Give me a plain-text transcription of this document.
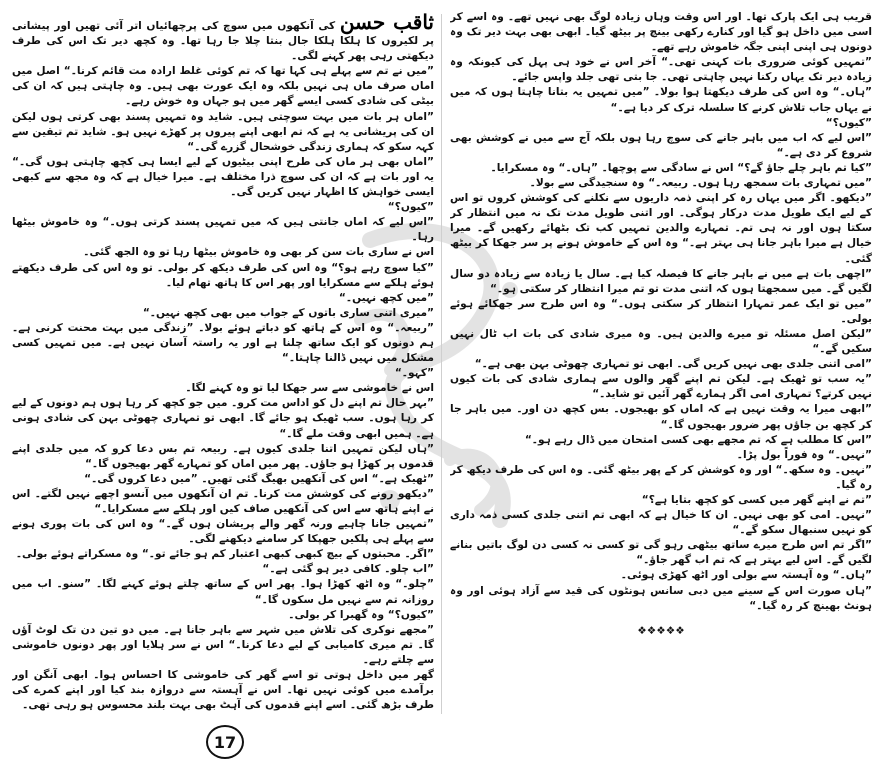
قریب ہی ایک پارک تھا۔ اور اس وقت وہاں زیادہ لوگ بھی نہیں تھے۔ وہ اسے کر اسی میں داخل ہو گیا اور کنارے رکھی بینچ پر بیٹھ گیا۔ ابھی بھی بہت دیر تک وہ دونوں ہی اپنی اپنی جگہ خاموش رہے تھے۔

”تمہیں کوئی ضروری بات کہنی تھی۔“ آخر اس نے خود ہی پہل کی کیونکہ وہ زیادہ دیر تک یہاں رکنا نہیں چاہتی تھی۔ جا بتی تھی جلد واپس جائے۔

”ہاں۔“ وہ اس کی طرف دیکھتا ہوا بولا۔ ”میں تمہیں یہ بتانا چاہتا ہوں کہ میں نے یہاں جاب تلاش کرنے کا سلسلہ ترک کر دیا ہے۔“

”کیوں؟“

”اس لیے کہ اب میں باہر جانے کی سوچ رہا ہوں بلکہ آج سے میں نے کوشش بھی شروع کر دی ہے۔“

”کیا تم باہر چلے جاؤ گے؟“ اس نے سادگی سے پوچھا۔ ”ہاں۔“ وہ مسکرایا۔

”میں تمہاری بات سمجھ رہا ہوں۔ ربیعہ۔“ وہ سنجیدگی سے بولا۔

”دیکھو۔ اگر میں یہاں رہ کر اپنی ذمہ داریوں سے نکلنے کی کوشش کروں تو اس کے لیے ایک طویل مدت درکار ہوگی۔ اور اتنی طویل مدت تک نہ میں انتظار کر سکتا ہوں اور نہ ہی تم۔ تمہارے والدین تمہیں کب تک بٹھائے رکھیں گے۔ میرا خیال ہے میرا باہر جانا ہی بہتر ہے۔“ وہ اس کے خاموش ہونے پر سر جھکا کر بیٹھ گئی۔

”اچھی بات ہے میں نے باہر جانے کا فیصلہ کیا ہے۔ سال یا زیادہ سے زیادہ دو سال لگیں گے۔ میں سمجھتا ہوں کہ اتنی مدت تو تم میرا انتظار کر سکتی ہو۔“

”میں تو ایک عمر تمہارا انتظار کر سکتی ہوں۔“ وہ اس طرح سر جھکائے ہوئے بولی۔

”لیکن اصل مسئلہ تو میرے والدین ہیں۔ وہ میری شادی کی بات اب ٹال نہیں سکیں گے۔“

”امی اتنی جلدی بھی نہیں کریں گی۔ ابھی تو تمہاری چھوٹی بہن بھی ہے۔“

”یہ سب تو ٹھیک ہے۔ لیکن تم اپنے گھر والوں سے ہماری شادی کی بات کیوں نہیں کرتے؟ تمہاری امی اگر ہمارے گھر آئیں تو شاید۔“

”ابھی میرا یہ وقت نہیں ہے کہ اماں کو بھیجوں۔ بس کچھ دن اور۔ میں باہر جا کر کچھ بن جاؤں پھر ضرور بھیجوں گا۔“

”اس کا مطلب ہے کہ تم مجھے بھی کسی امتحان میں ڈال رہے ہو۔“

”نہیں۔“ وہ فوراً بول پڑا۔

”نہیں۔ وہ سکھ۔“ اور وہ کوشش کر کے پھر بیٹھ گئی۔ وہ اس کی طرف دیکھ کر رہ گیا۔

”تم نے اپنے گھر میں کسی کو کچھ بتایا ہے؟“

”نہیں۔ امی کو بھی نہیں۔ ان کا خیال ہے کہ ابھی تم اتنی جلدی کسی ذمہ داری کو نہیں سنبھال سکو گے۔“

”اگر تم اس طرح میرے ساتھ بیٹھی رہو گی تو کسی نہ کسی دن لوگ باتیں بنانے لگیں گے۔ اس لیے بہتر ہے کہ تم اب گھر جاؤ۔“

”ہاں۔“ وہ آہستہ سے بولی اور اٹھ کھڑی ہوئی۔

”ہاں صورت اس کے سینے میں دبی سانس ہونٹوں کی قید سے آزاد ہوئی اور وہ ہونٹ بھینچ کر رہ گیا۔“

❖❖❖❖❖

ثاقب حسن کی آنکھوں میں سوچ کی پرچھائیاں اتر آئی تھیں اور پیشانی پر لکیروں کا ہلکا ہلکا جال بنتا چلا جا رہا تھا۔ وہ کچھ دیر تک اس کی طرف دیکھتی رہی پھر کہنے لگی۔

”میں نے تم سے پہلے ہی کہا تھا کہ تم کوئی غلط ارادہ مت قائم کرنا۔“ اصل میں اماں صرف ماں ہی نہیں بلکہ وہ ایک عورت بھی ہیں۔ وہ چاہتی ہیں کہ ان کی بیٹی کی شادی کسی ایسے گھر میں ہو جہاں وہ خوش رہے۔

”اماں ہر بات میں بہت سوچتی ہیں۔ شاید وہ تمہیں پسند بھی کرتی ہوں لیکن ان کی پریشانی یہ ہے کہ تم ابھی اپنے پیروں پر کھڑے نہیں ہو۔ شاید تم تیقین سے کہہ سکو کہ ہماری زندگی خوشحال گزرے گی۔“

”اماں بھی ہر ماں کی طرح اپنی بیٹیوں کے لیے ایسا ہی کچھ چاہتی ہوں گی۔“ یہ اور بات ہے کہ ان کی سوچ ذرا مختلف ہے۔ میرا خیال ہے کہ وہ مجھ سے کبھی ایسی خواہش کا اظہار نہیں کریں گی۔

”کیوں؟“

”اس لیے کہ اماں جانتی ہیں کہ میں تمہیں پسند کرتی ہوں۔“ وہ خاموش بیٹھا رہا۔

اس نے ساری بات سن کر بھی وہ خاموش بیٹھا رہا تو وہ الجھ گئی۔

”کیا سوچ رہے ہو؟“ وہ اس کی طرف دیکھ کر بولی۔ تو وہ اس کی طرف دیکھتے ہوئے ہلکے سے مسکرایا اور پھر اس کا ہاتھ تھام لیا۔

”میں کچھ نہیں۔“

”میری اتنی ساری باتوں کے جواب میں بھی کچھ نہیں۔“

”ربیعہ۔“ وہ اس کے ہاتھ کو دباتے ہوئے بولا۔ ”زندگی میں بہت محنت کرنی ہے۔ ہم دونوں کو ایک ساتھ چلنا ہے اور یہ راستہ آسان نہیں ہے۔ میں تمہیں کسی مشکل میں نہیں ڈالنا چاہتا۔“

”کہو۔“

اس نے خاموشی سے سر جھکا لیا تو وہ کہنے لگا۔

”بہر حال تم اپنے دل کو اداس مت کرو۔ میں جو کچھ کر رہا ہوں ہم دونوں کے لیے کر رہا ہوں۔ سب ٹھیک ہو جائے گا۔ ابھی تو تمہاری چھوٹی بہن کی شادی ہونی ہے۔ ہمیں ابھی وقت ملے گا۔“

”ہاں لیکن تمہیں اتنا جلدی کیوں ہے۔ ربیعہ تم بس دعا کرو کہ میں جلدی اپنے قدموں پر کھڑا ہو جاؤں۔ پھر میں اماں کو تمہارے گھر بھیجوں گا۔“

”ٹھیک ہے۔“ اس کی آنکھیں بھیگ گئی تھیں۔ ”میں دعا کروں گی۔“

”دیکھو رونے کی کوشش مت کرنا۔ تم ان آنکھوں میں آنسو اچھے نہیں لگتے۔ اس نے اپنے ہاتھ سے اس کی آنکھیں صاف کیں اور ہلکے سے مسکرایا۔“

”تمہیں جانا چاہیے ورنہ گھر والے پریشان ہوں گے۔“ وہ اس کی بات پوری ہونے سے پہلے ہی پلکیں جھپکا کر سامنے دیکھنے لگی۔

”اگر۔ محبتوں کے بیچ کبھی کبھی اعتبار کم ہو جائے تو۔“ وہ مسکراتے ہوئے بولی۔

”اب چلو۔ کافی دیر ہو گئی ہے۔“

”چلو۔“ وہ اٹھ کھڑا ہوا۔ پھر اس کے ساتھ چلتے ہوئے کہنے لگا۔ ”سنو۔ اب میں روزانہ تم سے نہیں مل سکوں گا۔“

”کیوں؟“ وہ گھبرا کر بولی۔

”مجھے نوکری کی تلاش میں شہر سے باہر جانا ہے۔ میں دو تین دن تک لوٹ آؤں گا۔ تم میری کامیابی کے لیے دعا کرنا۔“ اس نے سر ہلایا اور پھر دونوں خاموشی سے چلتے رہے۔

گھر میں داخل ہوتی تو اسے گھر کی خاموشی کا احساس ہوا۔ ابھی آنگن اور برآمدے میں کوئی نہیں تھا۔ اس نے آہستہ سے دروازہ بند کیا اور اپنے کمرے کی طرف بڑھ گئی۔ اسے اپنے قدموں کی آہٹ بھی بہت بلند محسوس ہو رہی تھی۔

17
